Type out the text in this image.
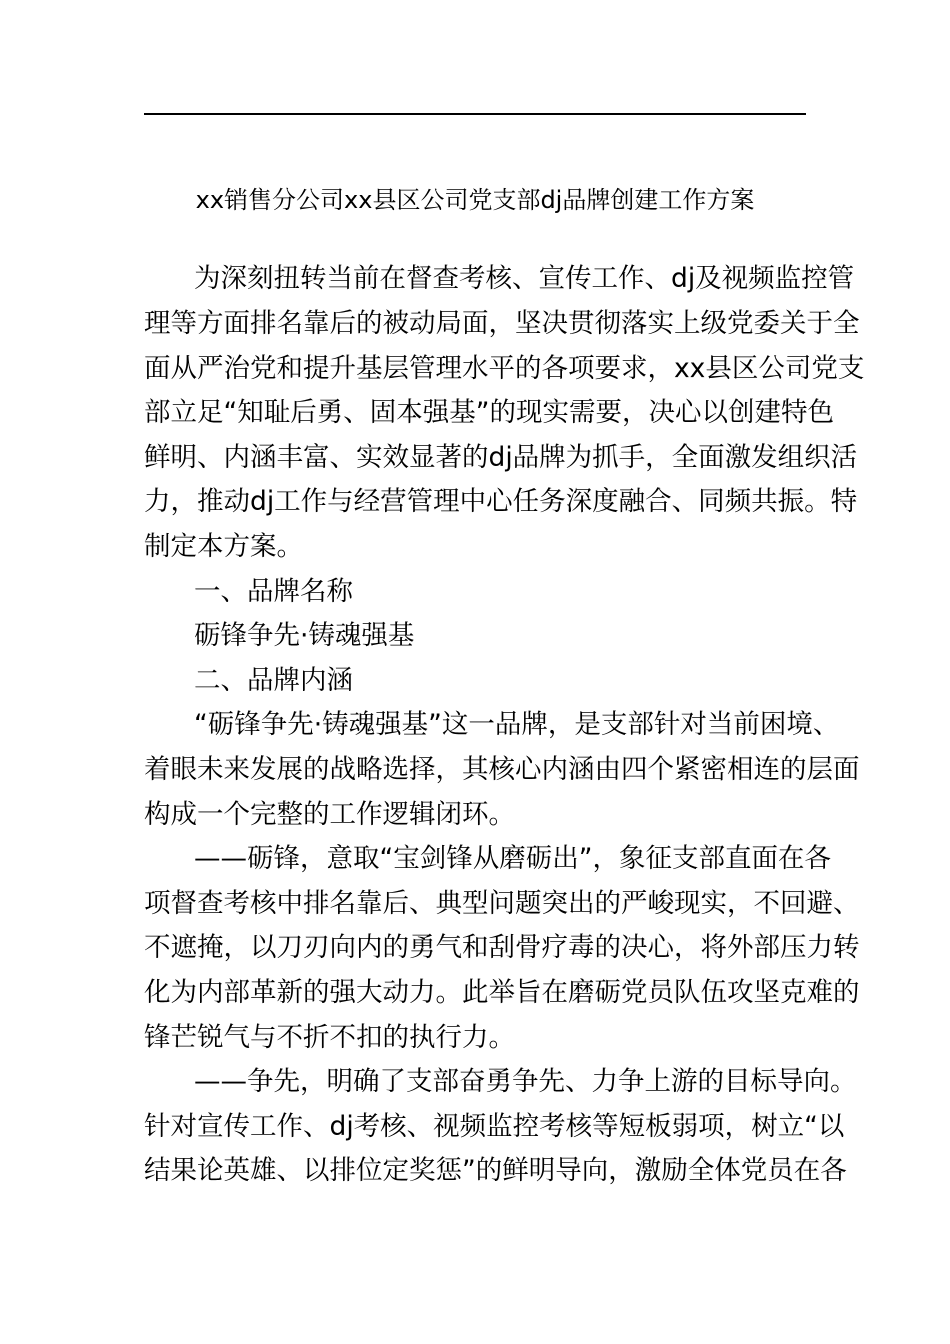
xx销售分公司xx县区公司党支部dj品牌创建工作方案
为深刻扭转当前在督查考核、宣传工作、dj及视频监控管
理等方面排名靠后的被动局面，坚决贯彻落实上级党委关于全
面从严治党和提升基层管理水平的各项要求，xx县区公司党支
部立足“知耻后勇、固本强基”的现实需要，决心以创建特色
鲜明、内涵丰富、实效显著的dj品牌为抓手，全面激发组织活
力，推动dj工作与经营管理中心任务深度融合、同频共振。特
制定本方案。
一、品牌名称
砺锋争先·铸魂强基
二、品牌内涵
“砺锋争先·铸魂强基”这一品牌，是支部针对当前困境、
着眼未来发展的战略选择，其核心内涵由四个紧密相连的层面
构成一个完整的工作逻辑闭环。
——砺锋，意取“宝剑锋从磨砺出”，象征支部直面在各
项督查考核中排名靠后、典型问题突出的严峻现实，不回避、
不遮掩，以刀刃向内的勇气和刮骨疗毒的决心，将外部压力转
化为内部革新的强大动力。此举旨在磨砺党员队伍攻坚克难的
锋芒锐气与不折不扣的执行力。
——争先，明确了支部奋勇争先、力争上游的目标导向。
针对宣传工作、dj考核、视频监控考核等短板弱项，树立“以
结果论英雄、以排位定奖惩”的鲜明导向，激励全体党员在各
